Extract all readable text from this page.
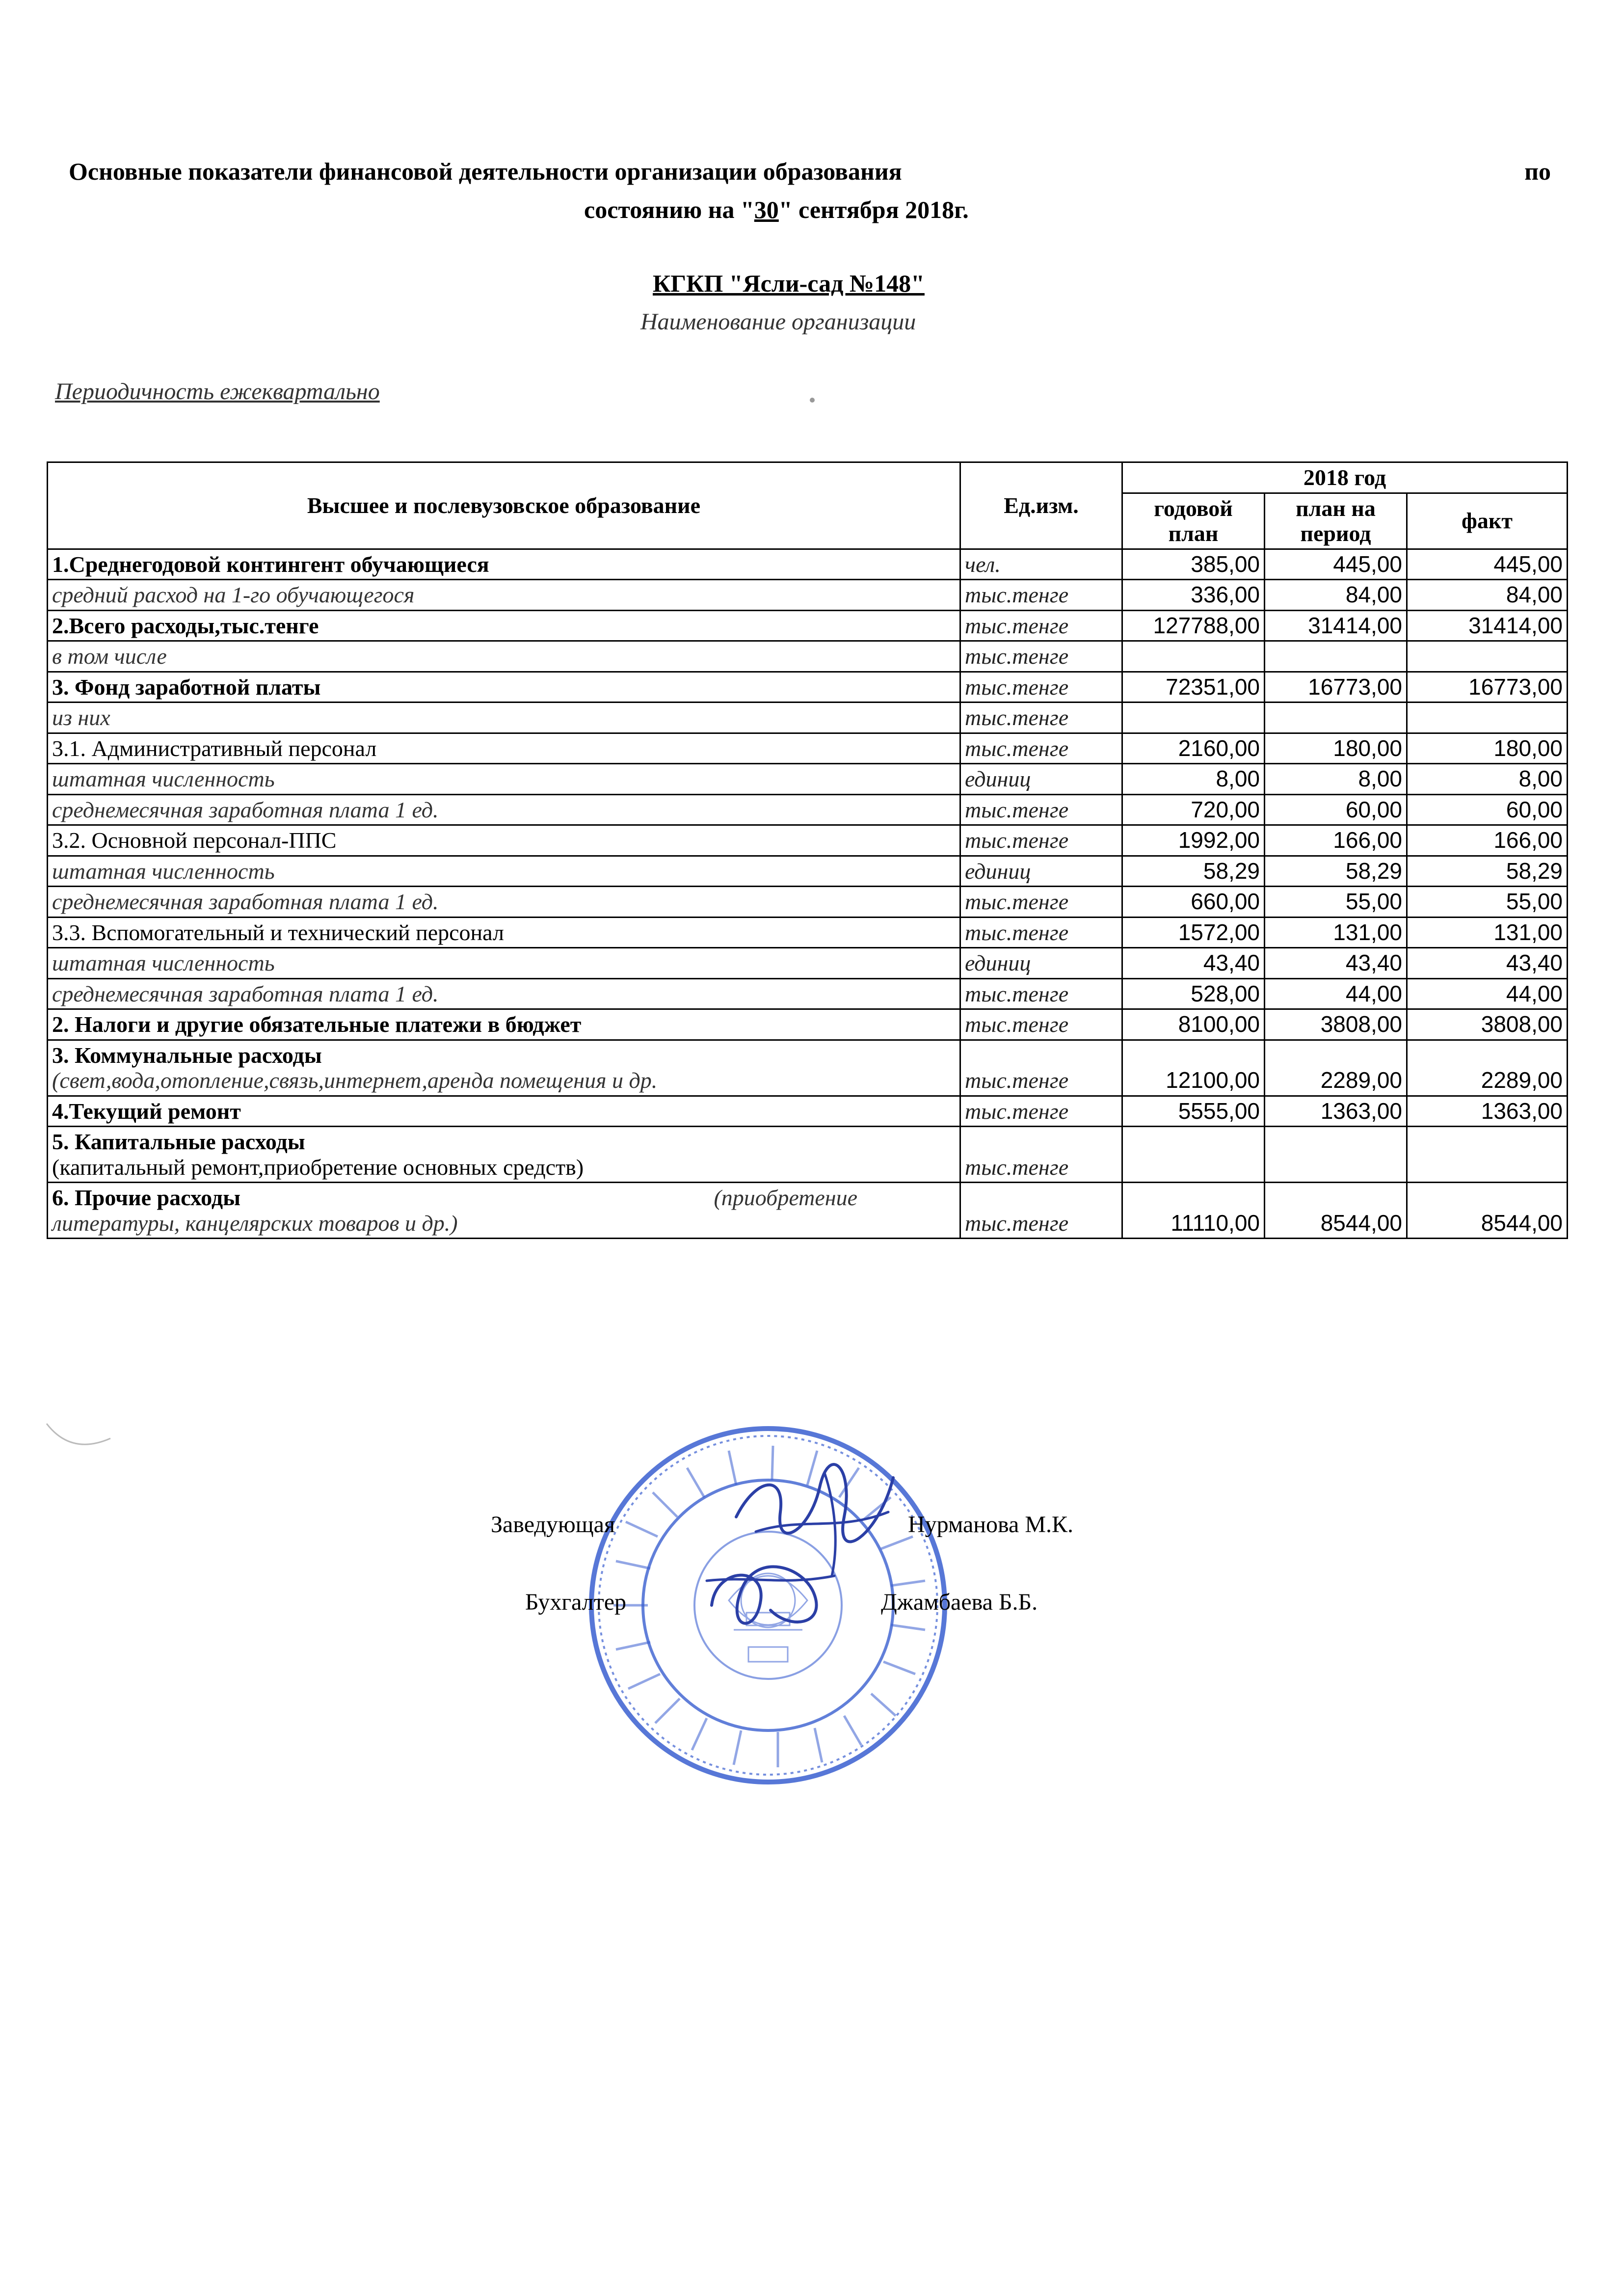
Основные показатели финансовой деятельности организации образования	по
состоянию на "30" сентября 2018г.
КГКП "Ясли-сад №148"
Наименование организации
Периодичность ежеквартально
Высшее и послевузовское образование	Ед.изм.	2018 год		
		годовой план	план на период	факт
1.Среднегодовой контингент обучающиеся	чел.	385,00	445,00	445,00
средний расход на 1-го обучающегося	тыс.тенге	336,00	84,00	84,00
2.Всего расходы,тыс.тенге	тыс.тенге	127788,00	31414,00	31414,00
в том числе	тыс.тенге			
3. Фонд заработной платы	тыс.тенге	72351,00	16773,00	16773,00
из них	тыс.тенге			
3.1. Административный персонал	тыс.тенге	2160,00	180,00	180,00
штатная численность	единиц	8,00	8,00	8,00
среднемесячная заработная плата 1 ед.	тыс.тенге	720,00	60,00	60,00
3.2. Основной персонал-ППС	тыс.тенге	1992,00	166,00	166,00
штатная численность	единиц	58,29	58,29	58,29
среднемесячная заработная плата 1 ед.	тыс.тенге	660,00	55,00	55,00
3.3. Вспомогательный и технический персонал	тыс.тенге	1572,00	131,00	131,00
штатная численность	единиц	43,40	43,40	43,40
среднемесячная заработная плата 1 ед.	тыс.тенге	528,00	44,00	44,00
2. Налоги и другие обязательные платежи в бюджет	тыс.тенге	8100,00	3808,00	3808,00
3. Коммунальные расходы
(свет,вода,отопление,связь,интернет,аренда помещения и др.	тыс.тенге	12100,00	2289,00	2289,00
4.Текущий ремонт	тыс.тенге	5555,00	1363,00	1363,00
5. Капитальные расходы
(капитальный ремонт,приобретение основных средств)	тыс.тенге			

(приобретение
6. Прочие расходы
литературы, канцелярских товаров и др.)	тыс.тенге	11110,00	8544,00	8544,00
Заведующая	Нурманова М.К.
Бухгалтер	Джамбаева Б.Б.
